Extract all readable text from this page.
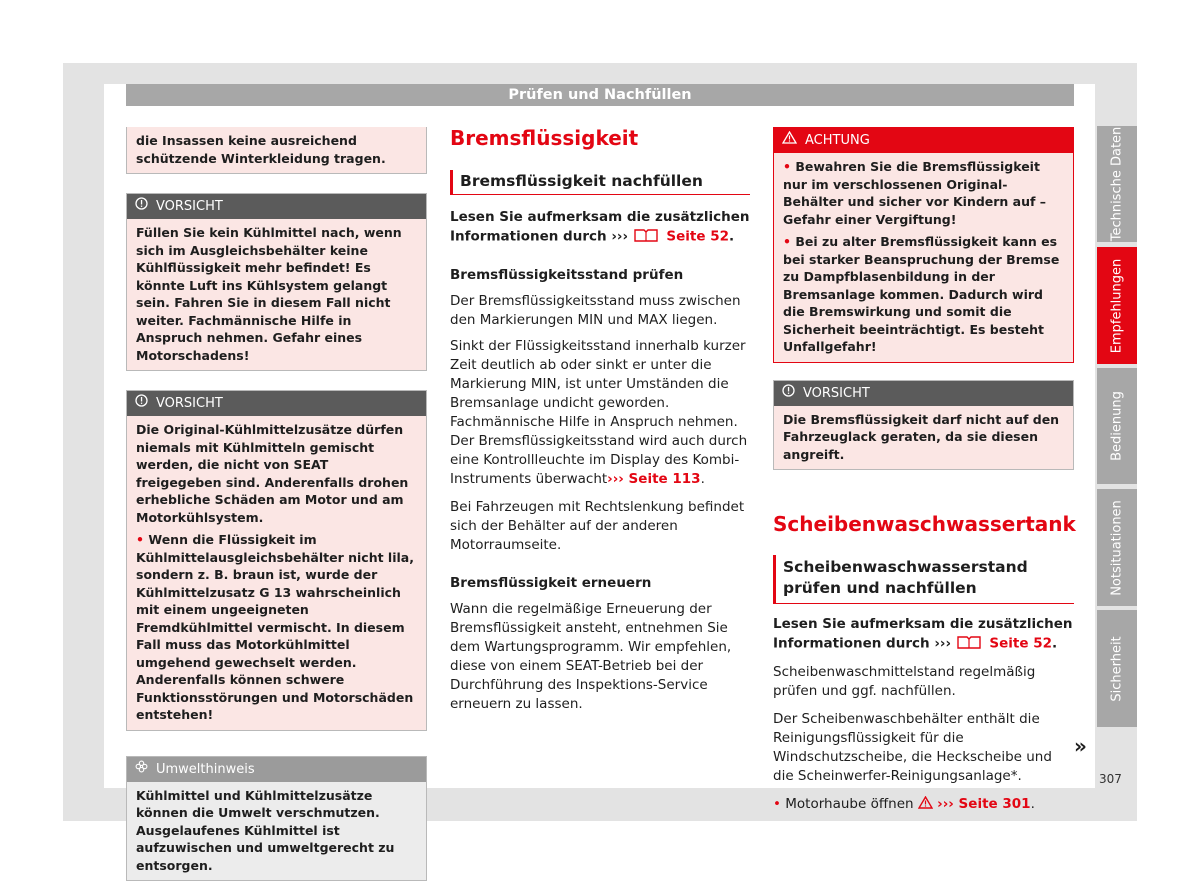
Prüfen und Nachfüllen

die Insassen keine ausreichend schützende Winterkleidung tragen.

VORSICHT

Füllen Sie kein Kühlmittel nach, wenn sich im Ausgleichsbehälter keine Kühlflüssigkeit mehr befindet! Es könnte Luft ins Kühlsystem gelangt sein. Fahren Sie in diesem Fall nicht weiter. Fachmännische Hilfe in Anspruch nehmen. Gefahr eines Motorschadens!

VORSICHT

Die Original-Kühlmittelzusätze dürfen niemals mit Kühlmitteln gemischt werden, die nicht von SEAT freigegeben sind. Anderenfalls drohen erhebliche Schäden am Motor und am Motorkühlsystem.

• Wenn die Flüssigkeit im Kühlmittelausgleichsbehälter nicht lila, sondern z. B. braun ist, wurde der Kühlmittelzusatz G 13 wahrscheinlich mit einem ungeeigneten Fremdkühlmittel vermischt. In diesem Fall muss das Motorkühlmittel umgehend gewechselt werden. Anderenfalls können schwere Funktionsstörungen und Motorschäden entstehen!

Umwelthinweis

Kühlmittel und Kühlmittelzusätze können die Umwelt verschmutzen. Ausgelaufenes Kühlmittel ist aufzuwischen und umweltgerecht zu entsorgen.

Bremsflüssigkeit
Bremsflüssigkeit nachfüllen

Lesen Sie aufmerksam die zusätzlichen Informationen durch ›››	Seite 52.

Bremsflüssigkeitsstand prüfen

Der Bremsflüssigkeitsstand muss zwischen den Markierungen MIN und MAX liegen.

Sinkt der Flüssigkeitsstand innerhalb kurzer Zeit deutlich ab oder sinkt er unter die Markierung MIN, ist unter Umständen die Bremsanlage undicht geworden. Fachmännische Hilfe in Anspruch nehmen. Der Bremsflüssigkeitsstand wird auch durch eine Kontrollleuchte im Display des Kombi-Instruments überwacht››› Seite 113.

Bei Fahrzeugen mit Rechtslenkung befindet sich der Behälter auf der anderen Motorraumseite.

Bremsflüssigkeit erneuern

Wann die regelmäßige Erneuerung der Bremsflüssigkeit ansteht, entnehmen Sie dem Wartungsprogramm. Wir empfehlen, diese von einem SEAT-Betrieb bei der Durchführung des Inspektions-Service erneuern zu lassen.

ACHTUNG

• Bewahren Sie die Bremsflüssigkeit nur im verschlossenen Original-Behälter und sicher vor Kindern auf – Gefahr einer Vergiftung!

• Bei zu alter Bremsflüssigkeit kann es bei starker Beanspruchung der Bremse zu Dampfblasenbildung in der Bremsanlage kommen. Dadurch wird die Bremswirkung und somit die Sicherheit beeinträchtigt. Es besteht Unfallgefahr!

VORSICHT

Die Bremsflüssigkeit darf nicht auf den Fahrzeuglack geraten, da sie diesen angreift.

Scheibenwaschwassertank
Scheibenwaschwasserstand prüfen und nachfüllen

Lesen Sie aufmerksam die zusätzlichen Informationen durch ›››	Seite 52.

Scheibenwaschmittelstand regelmäßig prüfen und ggf. nachfüllen.

Der Scheibenwaschbehälter enthält die Reinigungsflüssigkeit für die Windschutzscheibe, die Heckscheibe und die Scheinwerfer-Reinigungsanlage*.

• Motorhaube öffnen ››› Seite 301.

»
Technische Daten
Empfehlungen
Bedienung
Notsituationen
Sicherheit
307
